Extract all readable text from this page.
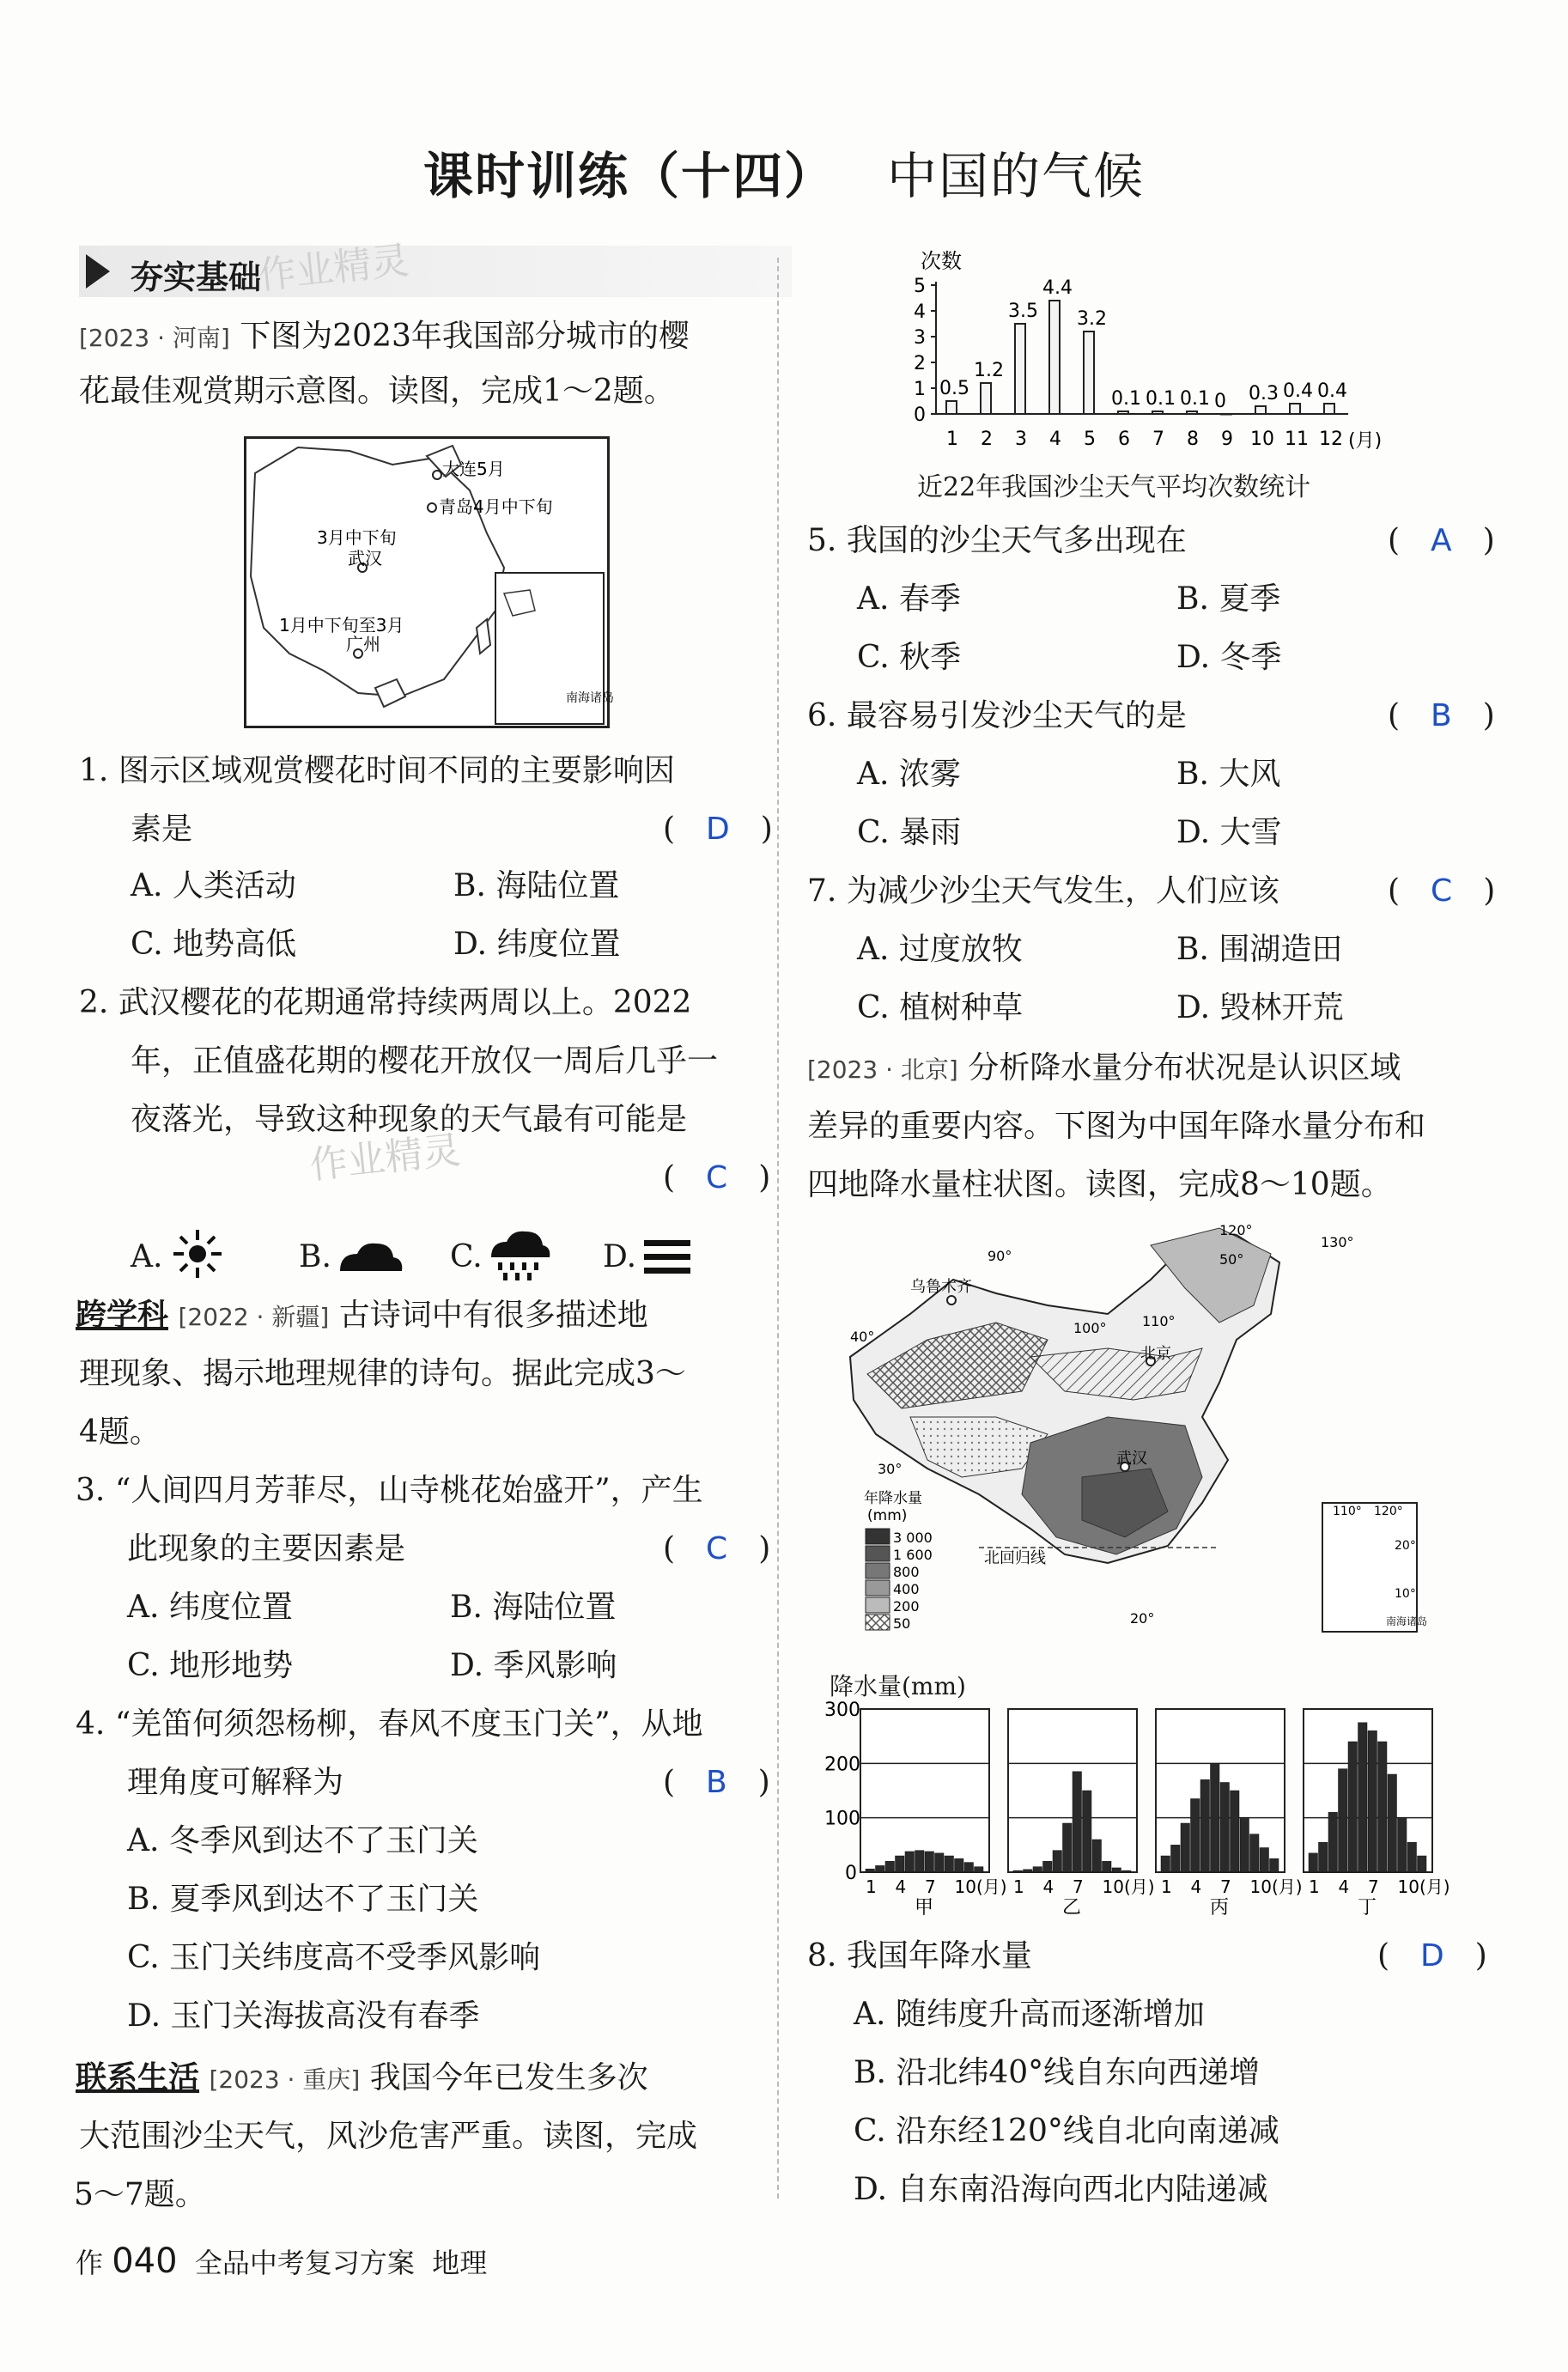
课时训练（十四） 中国的气候
夯实基础
作业精灵
作业精灵
[2023 · 河南] 下图为2023年我国部分城市的樱
花最佳观赏期示意图。读图，完成1～2题。
大连5月
青岛4月中下旬
3月中下旬
武汉
1月中下旬至3月
广州
南海诸岛
1. 图示区域观赏樱花时间不同的主要影响因
素是	(　D　)
A. 人类活动	B. 海陆位置
C. 地势高低	D. 纬度位置
2. 武汉樱花的花期通常持续两周以上。2022
年，正值盛花期的樱花开放仅一周后几乎一
夜落光，导致这种现象的天气最有可能是
(　C　)
A.	B.	C.	D.
跨学科 [2022 · 新疆] 古诗词中有很多描述地
理现象、揭示地理规律的诗句。据此完成3～
4题。
3. “人间四月芳菲尽，山寺桃花始盛开”，产生
此现象的主要因素是	(　C　)
A. 纬度位置	B. 海陆位置
C. 地形地势	D. 季风影响
4. “羌笛何须怨杨柳，春风不度玉门关”，从地
理角度可解释为	(　B　)
A. 冬季风到达不了玉门关
B. 夏季风到达不了玉门关
C. 玉门关纬度高不受季风影响
D. 玉门关海拔高没有春季
联系生活 [2023 · 重庆] 我国今年已发生多次
大范围沙尘天气，风沙危害严重。读图，完成
5～7题。
次数
0
1
2
3
4
5
0.5
1.2
3.5
4.4
3.2
0.1 0.1 0.1 0 0.3 0.4 0.4
1 2 3 4 5 6 7 8 9 10 11 12 (月)
近22年我国沙尘天气平均次数统计
5. 我国的沙尘天气多出现在	(　A　)
A. 春季	B. 夏季
C. 秋季	D. 冬季
6. 最容易引发沙尘天气的是	(　B　)
A. 浓雾	B. 大风
C. 暴雨	D. 大雪
7. 为减少沙尘天气发生，人们应该	(　C　)
A. 过度放牧	B. 围湖造田
C. 植树种草	D. 毁林开荒
[2023 · 北京] 分析降水量分布状况是认识区域
差异的重要内容。下图为中国年降水量分布和
四地降水量柱状图。读图，完成8～10题。
乌鲁木齐
北京
武汉
北回归线
90°
100°	110°
120°
130°
50°
40°
30°
20°
年降水量
(mm)
3 000
1 600
800
400
200
50
110° 120°
20°
10°
南海诸岛
降水量(mm)
0
100
200
300
1 4 7 10(月)
甲
1 4 7 10(月)
乙
1 4 7 10(月)
丙
1 4 7 10(月)
丁
8. 我国年降水量	(　D　)
A. 随纬度升高而逐渐增加
B. 沿北纬40°线自东向西递增
C. 沿东经120°线自北向南递减
D. 自东南沿海向西北内陆递减
作 040 全品中考复习方案 地理
